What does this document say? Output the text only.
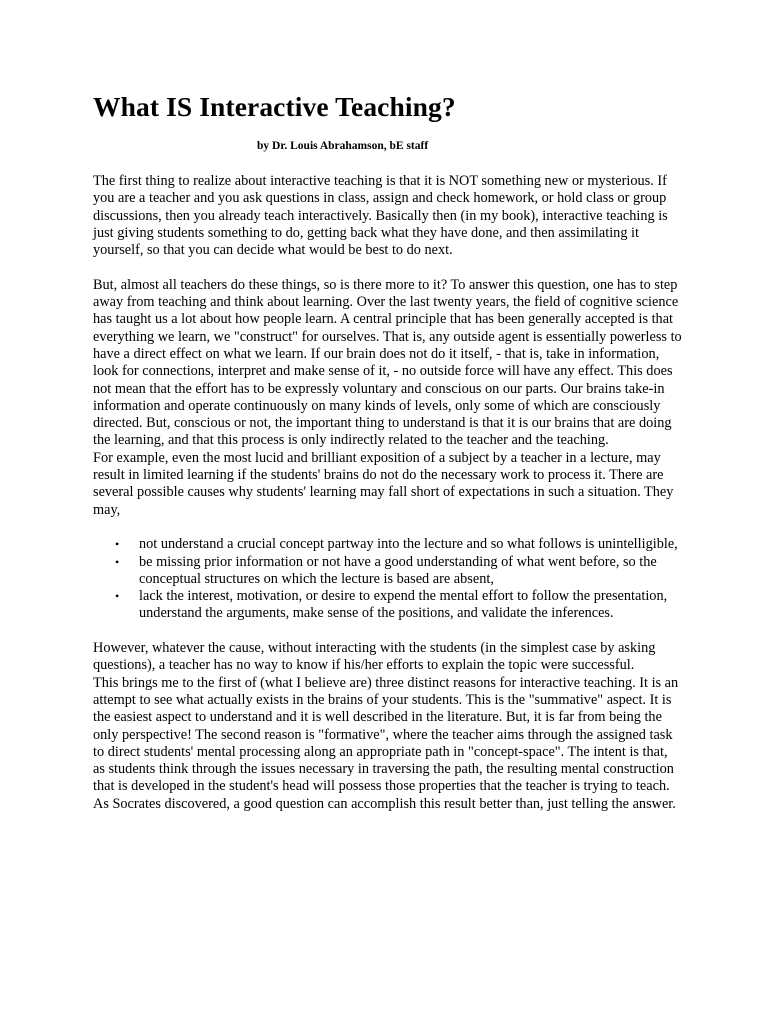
What IS Interactive Teaching?
by Dr. Louis Abrahamson, bE staff

The first thing to realize about interactive teaching is that it is NOT something new or mysterious. If you are a teacher and you ask questions in class, assign and check homework, or hold class or group discussions, then you already teach interactively. Basically then (in my book), interactive teaching is just giving students something to do, getting back what they have done, and then assimilating it yourself, so that you can decide what would be best to do next.

But, almost all teachers do these things, so is there more to it? To answer this question, one has to step away from teaching and think about learning. Over the last twenty years, the field of cognitive science has taught us a lot about how people learn. A central principle that has been generally accepted is that everything we learn, we "construct" for ourselves. That is, any outside agent is essentially powerless to have a direct effect on what we learn. If our brain does not do it itself, - that is, take in information, look for connections, interpret and make sense of it, - no outside force will have any effect. This does not mean that the effort has to be expressly voluntary and conscious on our parts. Our brains take-in information and operate continuously on many kinds of levels, only some of which are consciously directed. But, conscious or not, the important thing to understand is that it is our brains that are doing the learning, and that this process is only indirectly related to the teacher and the teaching.

For example, even the most lucid and brilliant exposition of a subject by a teacher in a lecture, may result in limited learning if the students' brains do not do the necessary work to process it. There are several possible causes why students' learning may fall short of expectations in such a situation. They may,

• not understand a crucial concept partway into the lecture and so what follows is unintelligible,
• be missing prior information or not have a good understanding of what went before, so the conceptual structures on which the lecture is based are absent,
• lack the interest, motivation, or desire to expend the mental effort to follow the presentation, understand the arguments, make sense of the positions, and validate the inferences.

However, whatever the cause, without interacting with the students (in the simplest case by asking questions), a teacher has no way to know if his/her efforts to explain the topic were successful.

This brings me to the first of (what I believe are) three distinct reasons for interactive teaching. It is an attempt to see what actually exists in the brains of your students. This is the "summative" aspect. It is the easiest aspect to understand and it is well described in the literature. But, it is far from being the only perspective! The second reason is "formative", where the teacher aims through the assigned task to direct students' mental processing along an appropriate path in "concept-space". The intent is that, as students think through the issues necessary in traversing the path, the resulting mental construction that is developed in the student's head will possess those properties that the teacher is trying to teach. As Socrates discovered, a good question can accomplish this result better than, just telling the answer.
